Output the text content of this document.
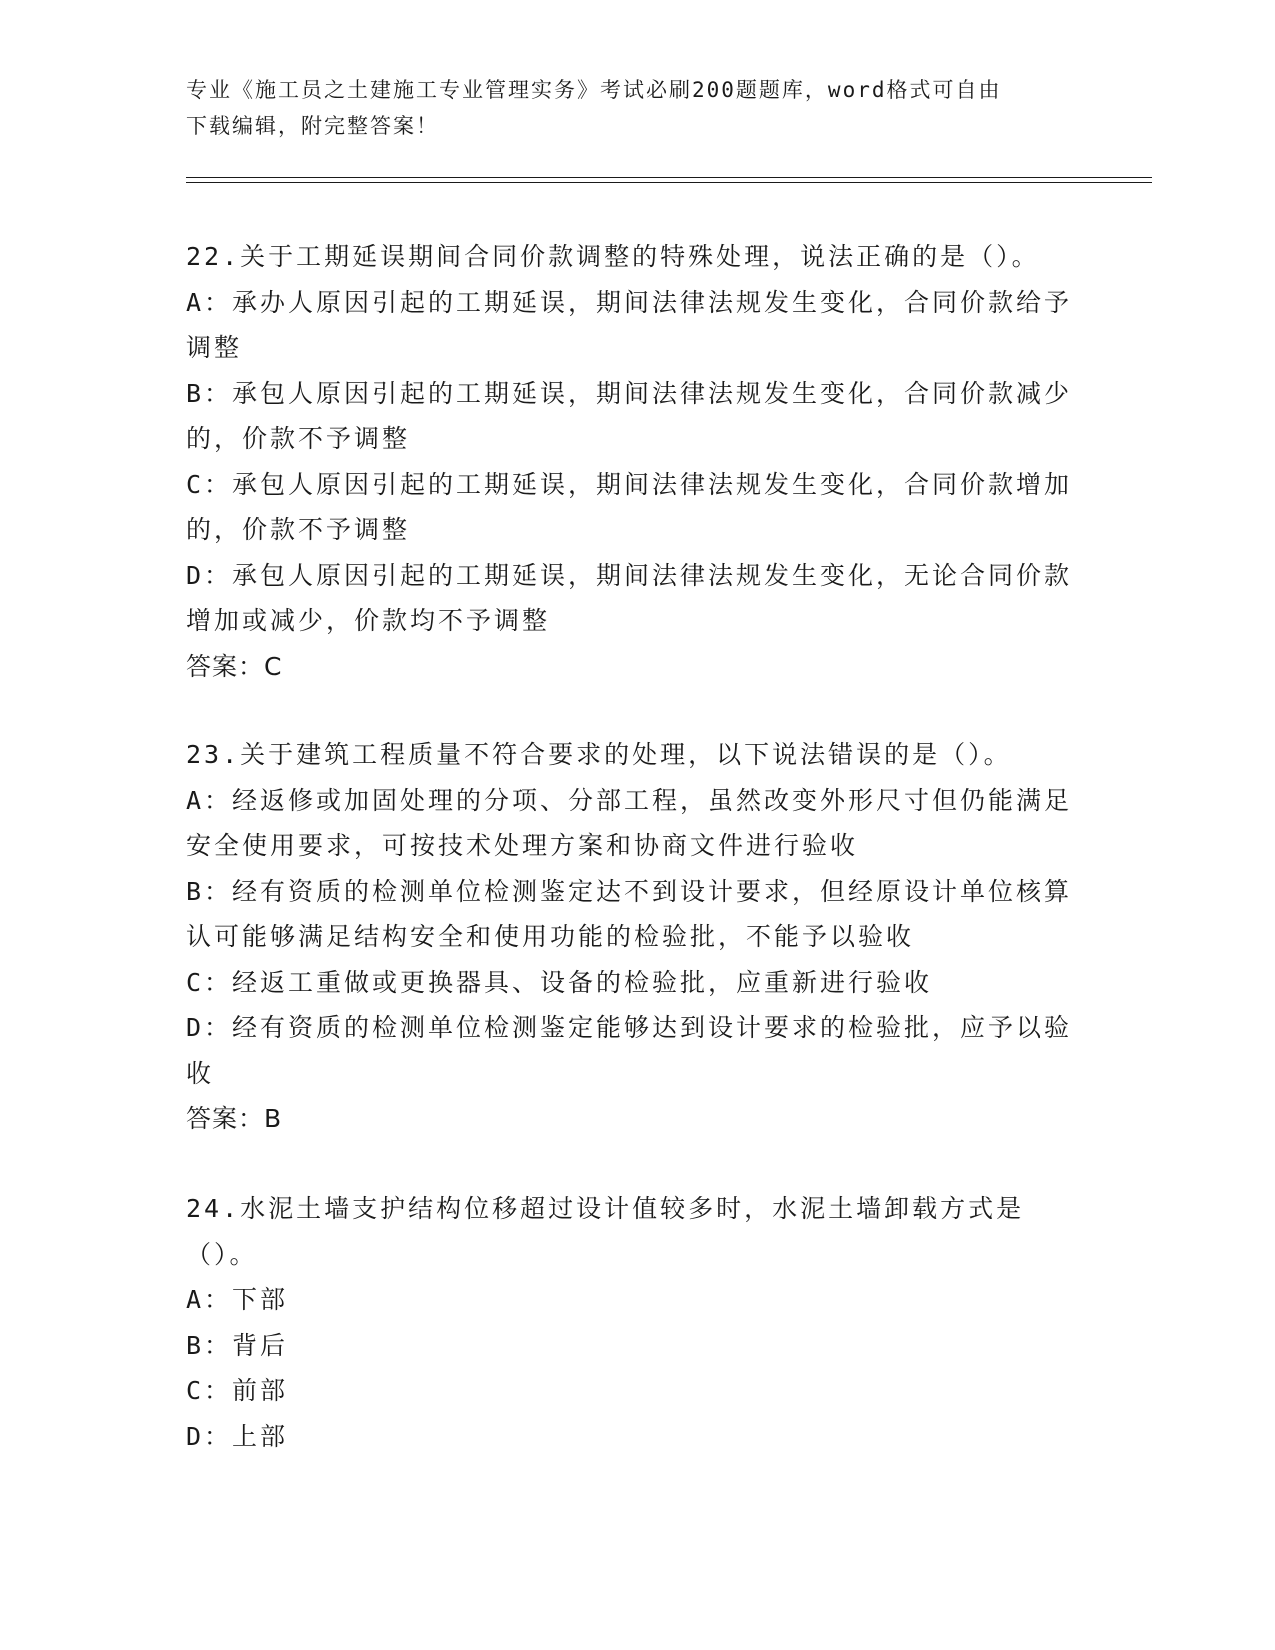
专业《施工员之土建施工专业管理实务》考试必刷200题题库，word格式可自由
下载编辑，附完整答案！

22.关于工期延误期间合同价款调整的特殊处理，说法正确的是（）。

A：承办人原因引起的工期延误，期间法律法规发生变化，合同价款给予调整

B：承包人原因引起的工期延误，期间法律法规发生变化，合同价款减少的，价款不予调整

C：承包人原因引起的工期延误，期间法律法规发生变化，合同价款增加的，价款不予调整

D：承包人原因引起的工期延误，期间法律法规发生变化，无论合同价款增加或减少，价款均不予调整

答案：C

23.关于建筑工程质量不符合要求的处理，以下说法错误的是（）。

A：经返修或加固处理的分项、分部工程，虽然改变外形尺寸但仍能满足安全使用要求，可按技术处理方案和协商文件进行验收

B：经有资质的检测单位检测鉴定达不到设计要求，但经原设计单位核算认可能够满足结构安全和使用功能的检验批，不能予以验收

C：经返工重做或更换器具、设备的检验批，应重新进行验收

D：经有资质的检测单位检测鉴定能够达到设计要求的检验批，应予以验收

答案：B

24.水泥土墙支护结构位移超过设计值较多时，水泥土墙卸载方式是（）。

A：下部

B：背后

C：前部

D：上部
